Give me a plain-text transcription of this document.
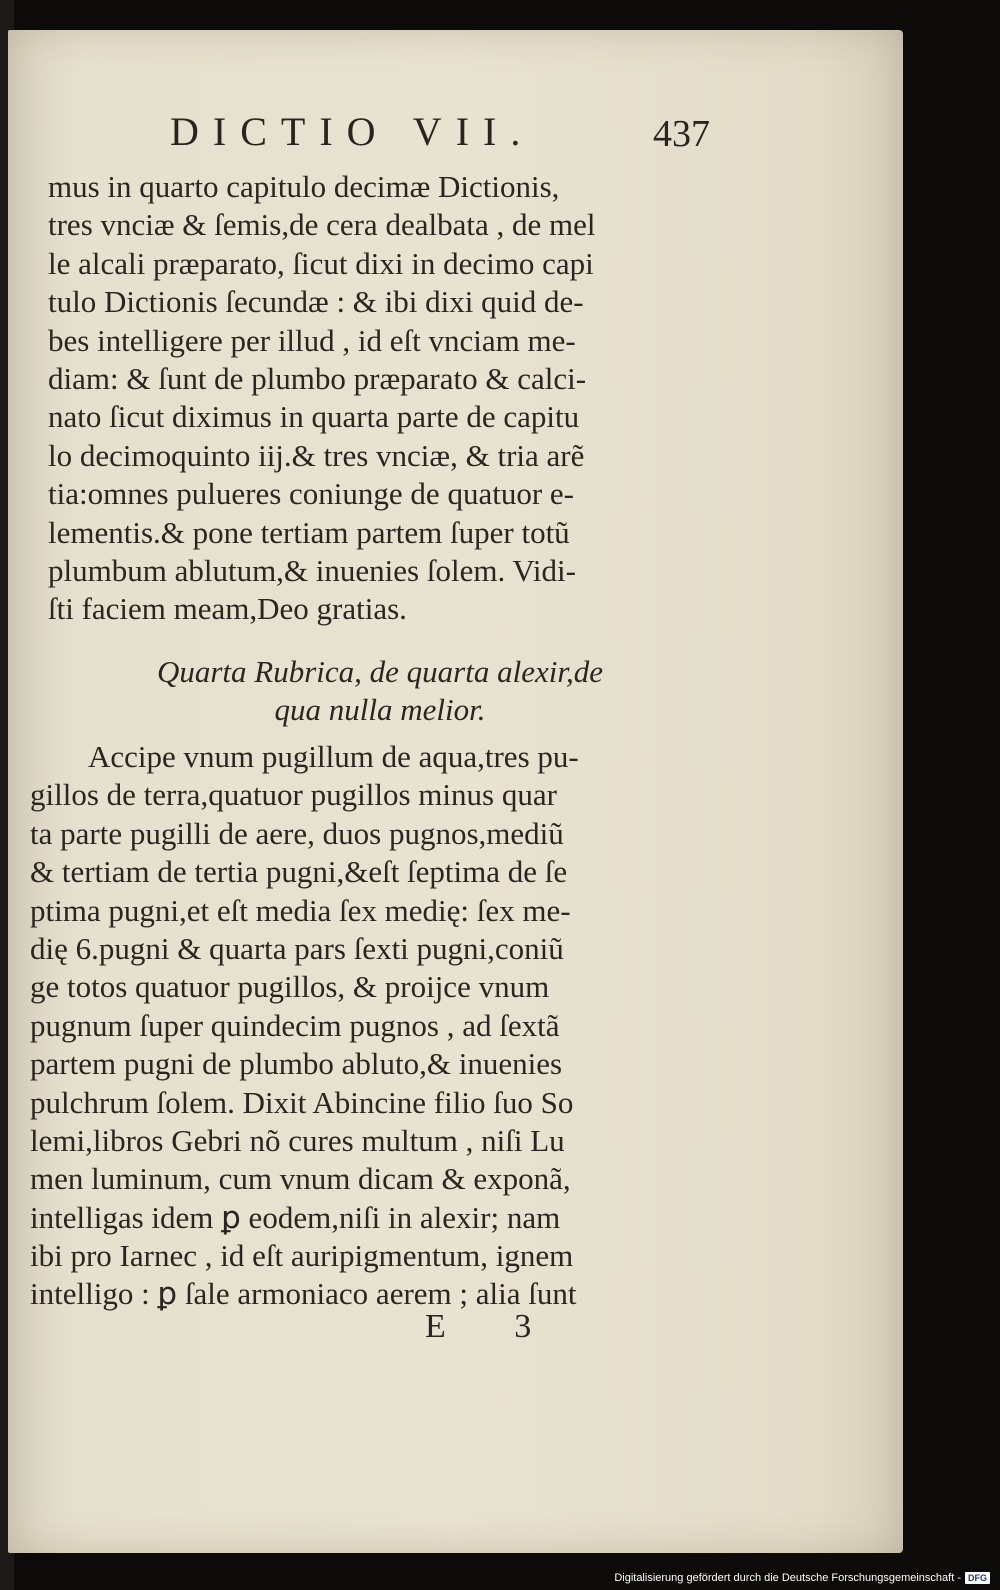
DICTIO VII.	437
mus in quarto capitulo decimæ Dictionis,
tres vnciæ & ſemis,de cera dealbata , de mel
le alcali præparato, ſicut dixi in decimo capi
tulo Dictionis ſecundæ : & ibi dixi quid de-
bes intelligere per illud , id eſt vnciam me-
diam: & ſunt de plumbo præparato & calci-
nato ſicut diximus in quarta parte de capitu
lo decimoquinto iij.& tres vnciæ, & tria arẽ
tia:omnes pulueres coniunge de quatuor e-
lementis.& pone tertiam partem ſuper totũ
plumbum ablutum,& inuenies ſolem. Vidi-
ſti faciem meam,Deo gratias.
Quarta Rubrica, de quarta alexir,de
qua nulla melior.
Accipe vnum pugillum de aqua,tres pu-
gillos de terra,quatuor pugillos minus quar
ta parte pugilli de aere, duos pugnos,mediũ
& tertiam de tertia pugni,&eſt ſeptima de ſe
ptima pugni,et eſt media ſex medię: ſex me-
dię 6.pugni & quarta pars ſexti pugni,coniũ
ge totos quatuor pugillos, & proijce vnum
pugnum ſuper quindecim pugnos , ad ſextã
partem pugni de plumbo abluto,& inuenies
pulchrum ſolem. Dixit Abincine filio ſuo So
lemi,libros Gebri nõ cures multum , niſi Lu
men luminum, cum vnum dicam & exponã,
intelligas idem ꝑ eodem,niſi in alexir; nam
ibi pro Iarnec , id eſt auripigmentum, ignem
intelligo : ꝑ ſale armoniaco aerem ; alia ſunt
E 3
Digitalisierung gefördert durch die Deutsche Forschungsgemeinschaft - DFG
